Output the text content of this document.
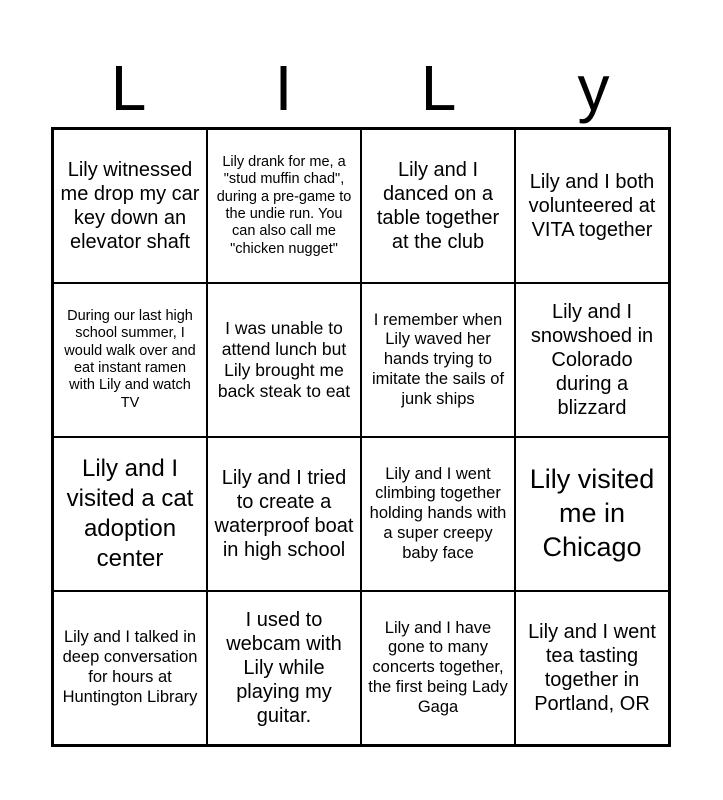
L	I	L	y
Lily witnessed me drop my car key down an elevator shaft
Lily drank for me, a "stud muffin chad", during a pre-game to the undie run. You can also call me "chicken nugget"
Lily and I danced on a table together at the club
Lily and I both volunteered at VITA together
During our last high school summer, I would walk over and eat instant ramen with Lily and watch TV
I was unable to attend lunch but Lily brought me back steak to eat
I remember when Lily waved her hands trying to imitate the sails of junk ships
Lily and I snowshoed in Colorado during a blizzard
Lily and I visited a cat adoption center
Lily and I tried to create a waterproof boat in high school
Lily and I went climbing together holding hands with a super creepy baby face
Lily visited me in Chicago
Lily and I talked in deep conversation for hours at Huntington Library
I used to webcam with Lily while playing my guitar.
Lily and I have gone to many concerts together, the first being Lady Gaga
Lily and I went tea tasting together in Portland, OR
